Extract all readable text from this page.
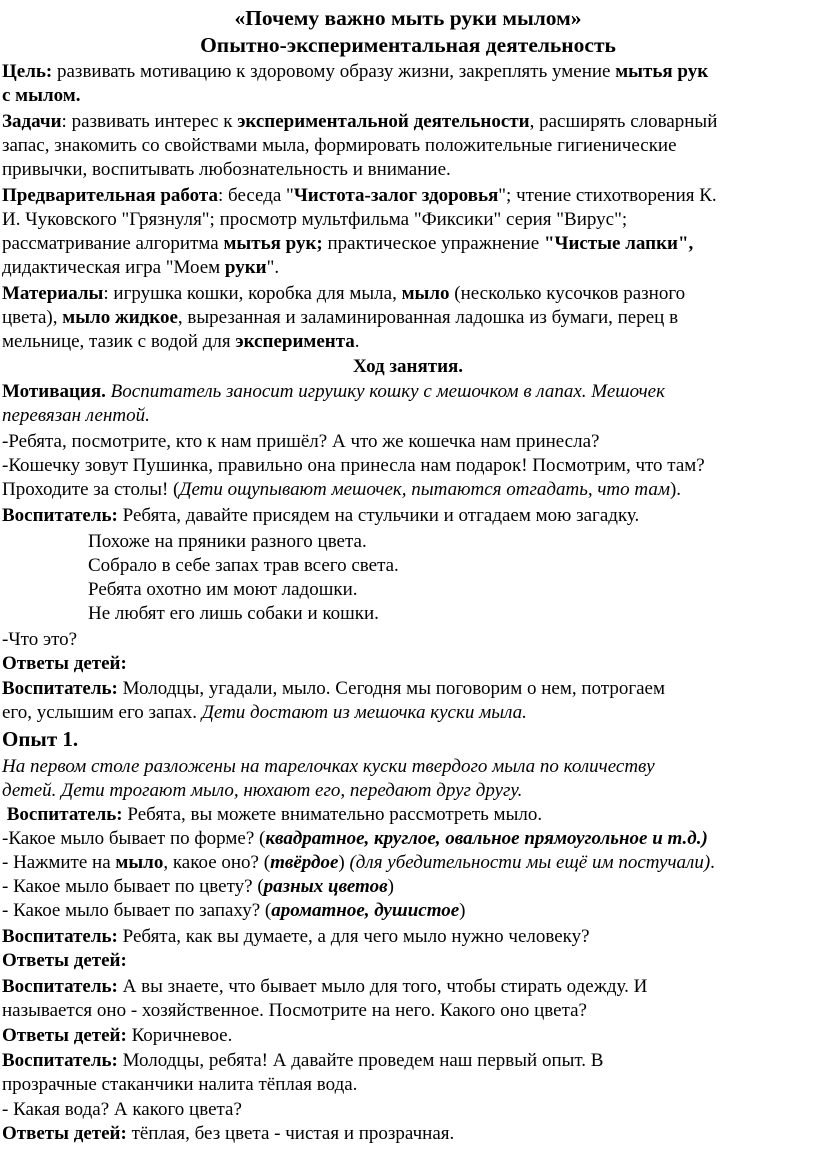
«Почему важно мыть руки мылом»
Опытно-экспериментальная деятельность
Цель: развивать мотивацию к здоровому образу жизни, закреплять умение мытья рук
с мылом.
Задачи: развивать интерес к экспериментальной деятельности, расширять словарный
запас, знакомить со свойствами мыла, формировать положительные гигиенические
привычки, воспитывать любознательность и внимание.
Предварительная работа: беседа "Чистота-залог здоровья"; чтение стихотворения К.
И. Чуковского "Грязнуля"; просмотр мультфильма "Фиксики" серия "Вирус";
рассматривание алгоритма мытья рук; практическое упражнение "Чистые лапки",
дидактическая игра "Моем руки".
Материалы: игрушка кошки, коробка для мыла, мыло (несколько кусочков разного
цвета), мыло жидкое, вырезанная и заламинированная ладошка из бумаги, перец в
мельнице, тазик с водой для эксперимента.
Ход занятия.
Мотивация. Воспитатель заносит игрушку кошку с мешочком в лапах. Мешочек
перевязан лентой.
-Ребята, посмотрите, кто к нам пришёл? А что же кошечка нам принесла?
-Кошечку зовут Пушинка, правильно она принесла нам подарок! Посмотрим, что там?
Проходите за столы! (Дети ощупывают мешочек, пытаются отгадать, что там).
Воспитатель: Ребята, давайте присядем на стульчики и отгадаем мою загадку.
Похоже на пряники разного цвета.
Собрало в себе запах трав всего света.
Ребята охотно им моют ладошки.
Не любят его лишь собаки и кошки.
-Что это?
Ответы детей:
Воспитатель: Молодцы, угадали, мыло. Сегодня мы поговорим о нем, потрогаем
его, услышим его запах. Дети достают из мешочка куски мыла.
Опыт 1.
На первом столе разложены на тарелочках куски твердого мыла по количеству
детей. Дети трогают мыло, нюхают его, передают друг другу.
Воспитатель: Ребята, вы можете внимательно рассмотреть мыло.
-Какое мыло бывает по форме? (квадратное, круглое, овальное прямоугольное и т.д.)
- Нажмите на мыло, какое оно? (твёрдое) (для убедительности мы ещё им постучали).
- Какое мыло бывает по цвету? (разных цветов)
- Какое мыло бывает по запаху? (ароматное, душистое)
Воспитатель: Ребята, как вы думаете, а для чего мыло нужно человеку?
Ответы детей:
Воспитатель: А вы знаете, что бывает мыло для того, чтобы стирать одежду. И
называется оно - хозяйственное. Посмотрите на него. Какого оно цвета?
Ответы детей: Коричневое.
Воспитатель: Молодцы, ребята! А давайте проведем наш первый опыт. В
прозрачные стаканчики налита тёплая вода.
- Какая вода? А какого цвета?
Ответы детей: тёплая, без цвета - чистая и прозрачная.
